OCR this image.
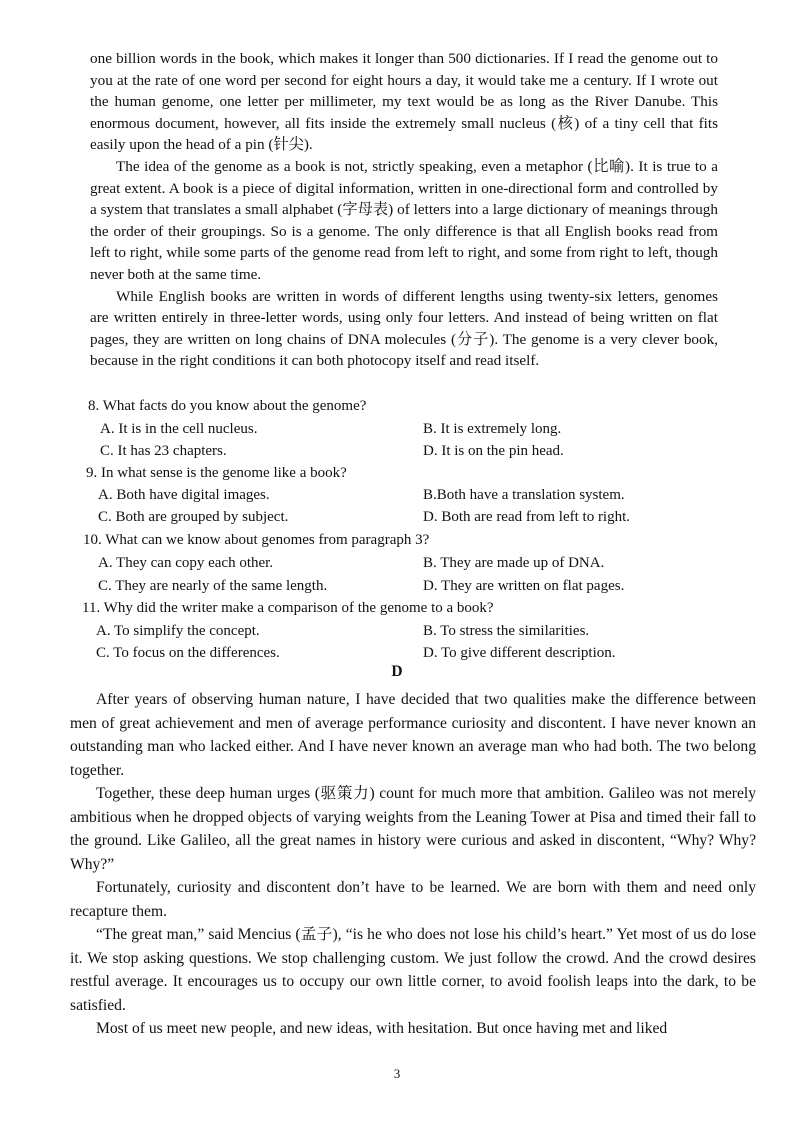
one billion words in the book, which makes it longer than 500 dictionaries. If I read the genome out to you at the rate of one word per second for eight hours a day, it would take me a century. If I wrote out the human genome, one letter per millimeter, my text would be as long as the River Danube. This enormous document, however, all fits inside the extremely small nucleus (核) of a tiny cell that fits easily upon the head of a pin (针尖).

The idea of the genome as a book is not, strictly speaking, even a metaphor (比喻). It is true to a great extent. A book is a piece of digital information, written in one-directional form and controlled by a system that translates a small alphabet (字母表) of letters into a large dictionary of meanings through the order of their groupings. So is a genome. The only difference is that all English books read from left to right, while some parts of the genome read from left to right, and some from right to left, though never both at the same time.

While English books are written in words of different lengths using twenty-six letters, genomes are written entirely in three-letter words, using only four letters. And instead of being written on flat pages, they are written on long chains of DNA molecules (分子). The genome is a very clever book, because in the right conditions it can both photocopy itself and read itself.

8. What facts do you know about the genome?
A. It is in the cell nucleus.	B. It is extremely long.
C. It has 23 chapters.	D. It is on the pin head.
9. In what sense is the genome like a book?
A. Both have digital images.	B.Both have a translation system.
C. Both are grouped by subject.	D. Both are read from left to right.
10. What can we know about genomes from paragraph 3?
A. They can copy each other.	B. They are made up of DNA.
C. They are nearly of the same length.	D. They are written on flat pages.
11. Why did the writer make a comparison of the genome to a book?
A. To simplify the concept.	B. To stress the similarities.
C. To focus on the differences.	D. To give different description.
D

After years of observing human nature, I have decided that two qualities make the difference between men of great achievement and men of average performance curiosity and discontent. I have never known an outstanding man who lacked either. And I have never known an average man who had both. The two belong together.

Together, these deep human urges (驱策力) count for much more that ambition. Galileo was not merely ambitious when he dropped objects of varying weights from the Leaning Tower at Pisa and timed their fall to the ground. Like Galileo, all the great names in history were curious and asked in discontent, “Why? Why? Why?”

Fortunately, curiosity and discontent don’t have to be learned. We are born with them and need only recapture them.

“The great man,” said Mencius (孟子), “is he who does not lose his child’s heart.” Yet most of us do lose it. We stop asking questions. We stop challenging custom. We just follow the crowd. And the crowd desires restful average. It encourages us to occupy our own little corner, to avoid foolish leaps into the dark, to be satisfied.

Most of us meet new people, and new ideas, with hesitation. But once having met and liked

3
